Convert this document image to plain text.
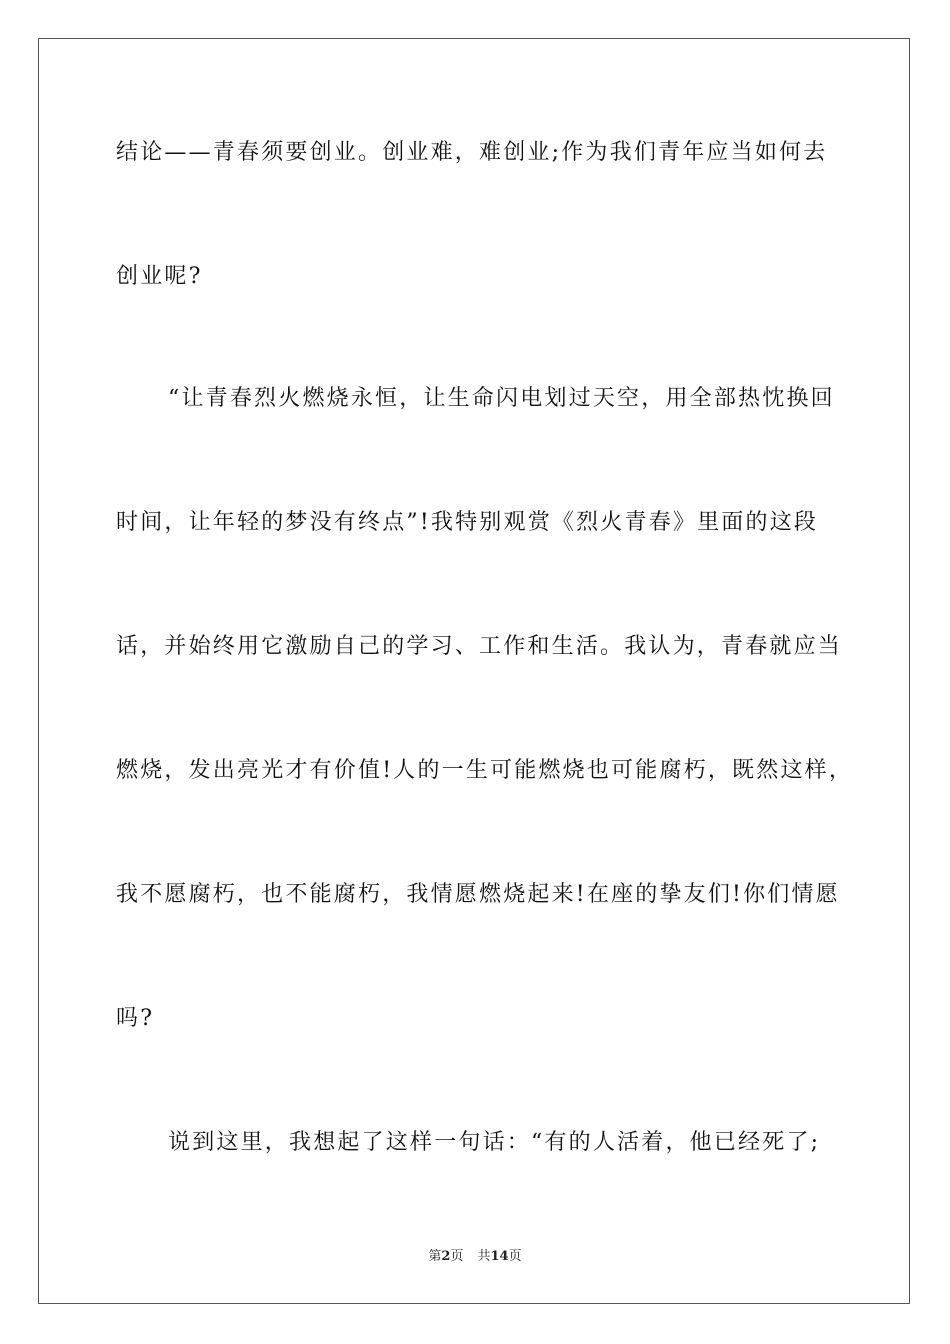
结论——青春须要创业。创业难，难创业;作为我们青年应当如何去
创业呢?
“让青春烈火燃烧永恒，让生命闪电划过天空，用全部热忱换回
时间，让年轻的梦没有终点”!我特别观赏《烈火青春》里面的这段
话，并始终用它激励自己的学习、工作和生活。我认为，青春就应当
燃烧，发出亮光才有价值!人的一生可能燃烧也可能腐朽，既然这样，
我不愿腐朽，也不能腐朽，我情愿燃烧起来!在座的挚友们!你们情愿
吗?
说到这里，我想起了这样一句话：“有的人活着，他已经死了;
第2页 共14页
